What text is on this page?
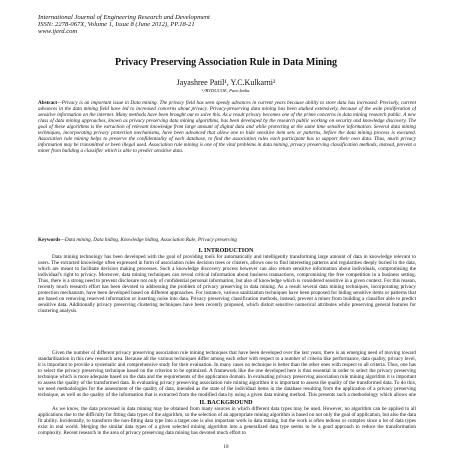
International Journal of Engineering Research and Development
ISSN: 2278-067X, Volume 1, Issue 8 (June 2012), PP.18-21
www.ijerd.com
Privacy Preserving Association Rule in Data Mining
Jayashree Patil¹, Y.C.Kulkarni²
¹,²BVDUCOE, Pune,India.
Abstract—Privacy is an important issue in Data mining. The privacy field has seen speedy advances in current years because ability to store data has increased. Precisely, current advances in the data mining field have led to increased concerns about privacy. Privacy-preserving data mining has been studied extensively, because of the wide proliferation of sensitive information on the internet. Many methods have been brought out to solve this. As a result privacy becomes one of the prime concerns in data mining research public. A new class of data mining approaches, known as privacy preserving data mining algorithms, has been developed by the research public working on security and knowledge discovery. The goal of these algorithms is the extraction of relevant knowledge from large amount of digital data and while protecting at the same time sensitive information. Several data mining techniques, incorporating privacy protection mechanisms, have been advanced that allow one to hide sensitive item sets or patterns, before the data mining process is executed. Association rule mining helps to preserve the confidentiality of each database, to find the association rules each participant has to support their own data. Thus, much privacy information may be transmitted or been illegal used. Association rule mining is one of the vital problems in data mining, privacy preserving classification methods, instead, prevent a miner from building a classifier which is able to predict sensitive data.
Keywords—Data mining, Data hiding, Knowledge hiding, Association Rule, Privacy preserving
I. INTRODUCTION
Data mining technology has been developed with the goal of providing tools for automatically and intelligently transforming large amount of data in knowledge relevant to users. The extracted knowledge often expressed in form of association rules decision trees or clusters, allows one to find interesting patterns and regularities deeply buried in the data, which are meant to facilitate decision making processes. Such a knowledge discovery process however can also return sensitive information about individuals, compromising the individual's right to privacy. Moreover, data mining techniques can reveal critical information about business transactions, compromising the free competition in a business setting. Thus, there is a strong need to prevent disclosure not only of confidential personal information, but also of knowledge which is considered sensitive in a given context. For this reason, recently much research effort has been devoted to addressing the problem of privacy preserving in data mining. As a result several data mining techniques, incorporating privacy protection mechanism, have been developed based on different approaches. For instance, various sanitization techniques have been proposed for hiding sensitive items or patterns that are based on removing reserved information or inserting noise into data. Privacy preserving classification methods, instead, prevent a miner from building a classifier able to predict sensitive data. Additionally privacy preserving clustering techniques have been recently proposed, which distort sensitive numerical attributes while preserving general features for clustering analysis.
Given the number of different privacy preserving association rule mining techniques that have been developed over the last years, there is an emerging need of moving toward standardization in this new research area. Because all the various techniques differ among each other with respect to a number of criteria like performance, data quality, privacy level, it is important to provide a systematic and comprehensive study for their evaluation. In many cases no technique is better than the other ones with respect to all criteria. Thus, one has to select the privacy preserving technique based on the criterion to be optimized. A framework like the one developed here is thus essential in order to select the privacy preserving technique which is more adequate based on the data and the requirements of the application domain. In evaluating privacy preserving association rule mining algorithm it is important to assess the quality of the transformed data. In evaluating privacy preserving association rule mining algorithm it is important to assess the quality of the transformed data. To do this, we need methodologies for the assessment of the quality of data, intended as the state of the individual items in the database resulting from the application of a privacy preserving technique, as well as the quality of the information that is extracted from the modified data by using a given data mining method. This presents such a methodology which allows one
II. BACKGROUND
As we know, the data processed in data mining may be obtained from many sources in which different data types may be used. However, no algorithm can be applied to all applications due to the difficulty for fitting data types of the algorithm, so the selection of an appropriate mining algorithm is based on not only the goal of application, but also the data fit ability. Incidentally, to transform the non-fitting data type into a target one is also important work in data mining, but the work is often tedious or complex since a lot of data types exist in real world. Merging the similar data types of a given selected mining algorithm into a generalized data type seems to be a good approach to reduce the transformation complexity. Recent research in the area of privacy preserving data mining has devoted much effort to
18
